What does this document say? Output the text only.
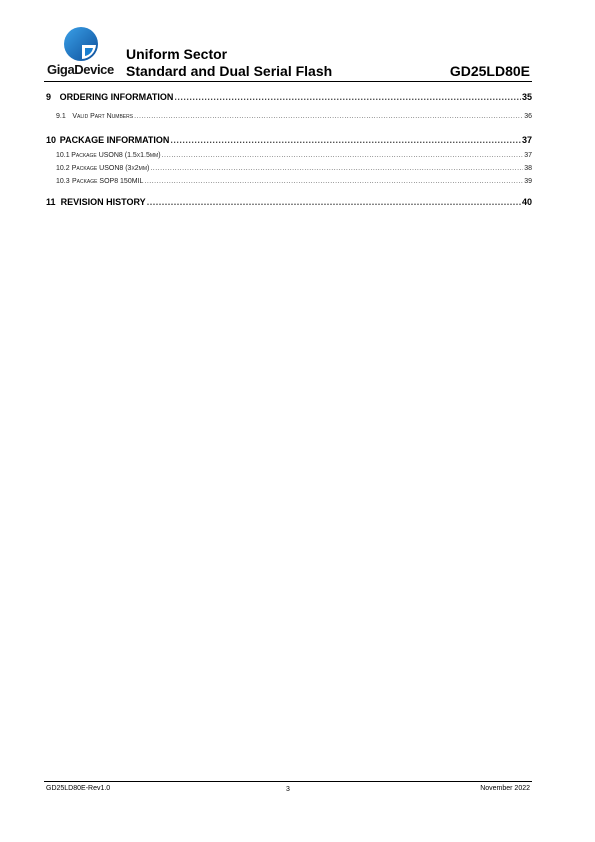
GigaDevice
Uniform Sector
Standard and Dual Serial Flash	GD25LD80E
9 ORDERING INFORMATION .....	35
9.1 Valid Part Numbers .....	36
10 PACKAGE INFORMATION .....	37
10.1 Package USON8 (1.5x1.5mm) .....	37
10.2 Package USON8 (3x2mm) .....	38
10.3 Package SOP8 150MIL .....	39
11 REVISION HISTORY .....	40
GD25LD80E-Rev1.0	3	November 2022
